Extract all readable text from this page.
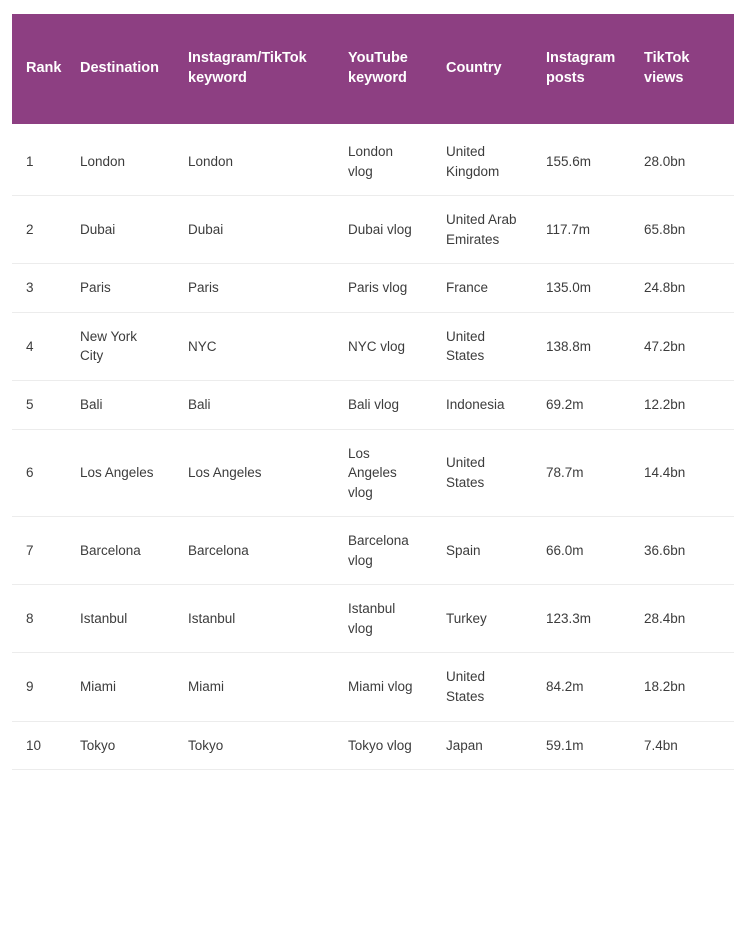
Rank	Destination	Instagram/TikTok keyword	YouTube keyword	Country	Instagram posts	TikTok views	
1	London	London	London vlog	United Kingdom	155.6m	28.0bn	
2	Dubai	Dubai	Dubai vlog	United Arab Emirates	117.7m	65.8bn	
3	Paris	Paris	Paris vlog	France	135.0m	24.8bn	
4	New York City	NYC	NYC vlog	United States	138.8m	47.2bn	
5	Bali	Bali	Bali vlog	Indonesia	69.2m	12.2bn	
6	Los Angeles	Los Angeles	Los Angeles vlog	United States	78.7m	14.4bn	
7	Barcelona	Barcelona	Barcelona vlog	Spain	66.0m	36.6bn	
8	Istanbul	Istanbul	Istanbul vlog	Turkey	123.3m	28.4bn	
9	Miami	Miami	Miami vlog	United States	84.2m	18.2bn	
10	Tokyo	Tokyo	Tokyo vlog	Japan	59.1m	7.4bn	
